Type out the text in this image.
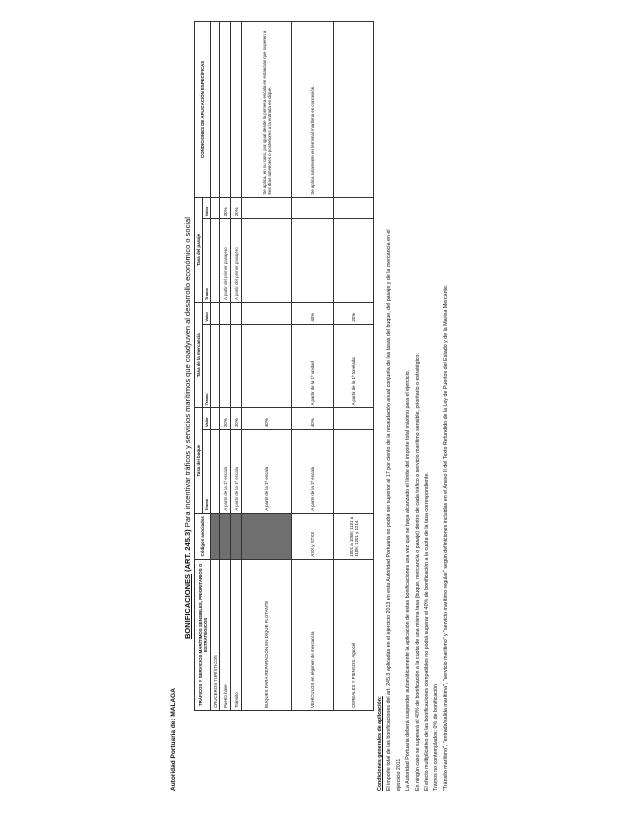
Autoridad Portuaria de: MALAGA
BONIFICACIONES (ART. 245.3) Para incentivar tráficos y servicios marítimos que coadyuven al desarrollo económico o social
TRÁFICOS Y SERVICIOS MARÍTIMOS SENSIBLES, PRIORITARIOS O ESTRATÉGICOS	Códigos asociados	Tasa del buque		Tasa de la mercancía		Tasa del pasaje		CONDICIONES DE APLICACIÓN ESPECÍFICAS
		Tramo	Valor	Tramo	Valor	Tramo	Valor	
CRUCEROS TURÍSTICOS								
Puerto base		A partir de la 1ª escala	20%			A partir del primer pasajero	30%	
Tránsito		A partir de la 1ª escala	20%			A partir del primer pasajero	20%	
BUQUES PARA REPARACIÓN EN DIQUE FLOTANTE		A partir de la 1ª escala	40%					Se aplica, en su caso, por igual desde la primera escala en estancias que superen a tres días anteriores o posteriores a la entrada en dique.
VEHÍCULOS en régimen de mercancía	ASX y STXX	A partir de la 1ª escala	40%	A partir de la 1ª unidad	40%			Se aplica solamente en terminal marítima en concesión.
CEREALES Y PIENSOS. Agrocel	1001 a 1008; 1101 a 1108; 1201 y 1214			A partir de la 1ª tonelada	20%			

Condiciones generales de aplicación: El importe total de las bonificaciones del art. 245.3 aplicadas en el ejercicio 2013 en esta Autoridad Portuaria no podrá ser superior al 17 por ciento de la recaudación anual conjunta de las tasas del buque, del pasaje y de la mercancía en el ejercicio 2011 La Autoridad Portuaria deberá suspender automáticamente la aplicación de estas bonificaciones una vez que se haya alcanzado el límite del importe total máximo para el ejercicio. En ningún caso se superará el 40% de bonificación a la cuota de una misma tasa (buque, mercancía o pasaje) dentro de cada tráfico o servicio marítimo sensible, prioritario o estratégico. El efecto multiplicativo de las bonificaciones compatibles no podrá superar el 40% de bonificación a la cuota de la tasa correspondiente. Tramos no contemplados: 0% de bonificación "Tránsito marítimo", "entrada/salida marítima", "servicio marítimo" y "servicio marítimo regular" según definiciones incluidas en el Anexo II del Texto Refundido de la Ley de Puertos del Estado y de la Marina Mercante.
